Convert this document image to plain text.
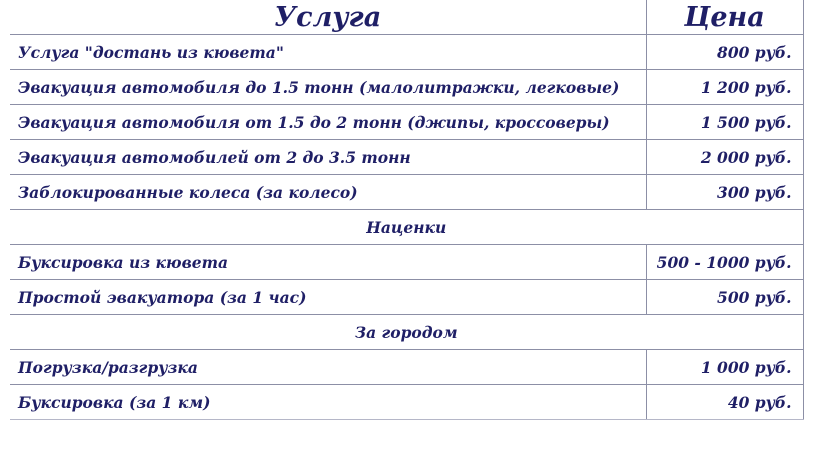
Услуга	Цена
Услуга "достань из кювета"	800 руб.
Эвакуация автомобиля до 1.5 тонн (малолитражки, легковые)	1 200 руб.
Эвакуация автомобиля от 1.5 до 2 тонн (джипы, кроссоверы)	1 500 руб.
Эвакуация автомобилей от 2 до 3.5 тонн	2 000 руб.
Заблокированные колеса (за колесо)	300 руб.
Наценки	
Буксировка из кювета	500 - 1000 руб.
Простой эвакуатора (за 1 час)	500 руб.
За городом	
Погрузка/разгрузка	1 000 руб.
Буксировка (за 1 км)	40 руб.
